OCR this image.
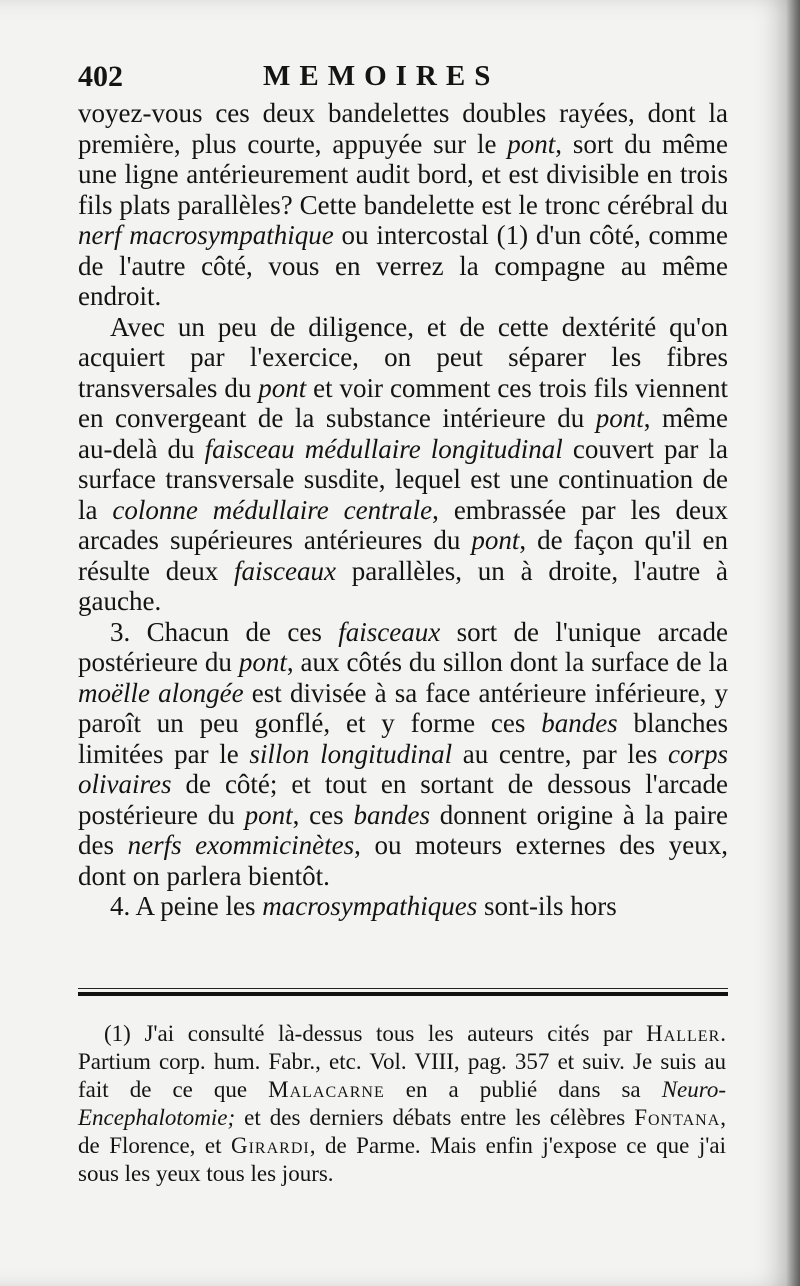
402	MEMOIRES

voyez-vous ces deux bandelettes doubles rayées, dont la première, plus courte, appuyée sur le pont, sort du même une ligne antérieurement audit bord, et est divisible en trois fils plats parallèles? Cette bandelette est le tronc cérébral du nerf macrosympathique ou intercostal (1) d'un côté, comme de l'autre côté, vous en verrez la compagne au même endroit.

Avec un peu de diligence, et de cette dextérité qu'on acquiert par l'exercice, on peut séparer les fibres transversales du pont et voir comment ces trois fils viennent en convergeant de la substance intérieure du pont, même au-delà du faisceau médullaire longitudinal couvert par la surface transversale susdite, lequel est une continuation de la colonne médullaire centrale, embrassée par les deux arcades supérieures antérieures du pont, de façon qu'il en résulte deux faisceaux parallèles, un à droite, l'autre à gauche.

3. Chacun de ces faisceaux sort de l'unique arcade postérieure du pont, aux côtés du sillon dont la surface de la moëlle alongée est divisée à sa face antérieure inférieure, y paroît un peu gonflé, et y forme ces bandes blanches limitées par le sillon longitudinal au centre, par les corps olivaires de côté; et tout en sortant de dessous l'arcade postérieure du pont, ces bandes donnent origine à la paire des nerfs exommicinètes, ou moteurs externes des yeux, dont on parlera bientôt.

4. A peine les macrosympathiques sont-ils hors

(1) J'ai consulté là-dessus tous les auteurs cités par Haller. Partium corp. hum. Fabr., etc. Vol. VIII, pag. 357 et suiv. Je suis au fait de ce que Malacarne en a publié dans sa Neuro-Encephalotomie; et des derniers débats entre les célèbres Fontana, de Florence, et Girardi, de Parme. Mais enfin j'expose ce que j'ai sous les yeux tous les jours.
